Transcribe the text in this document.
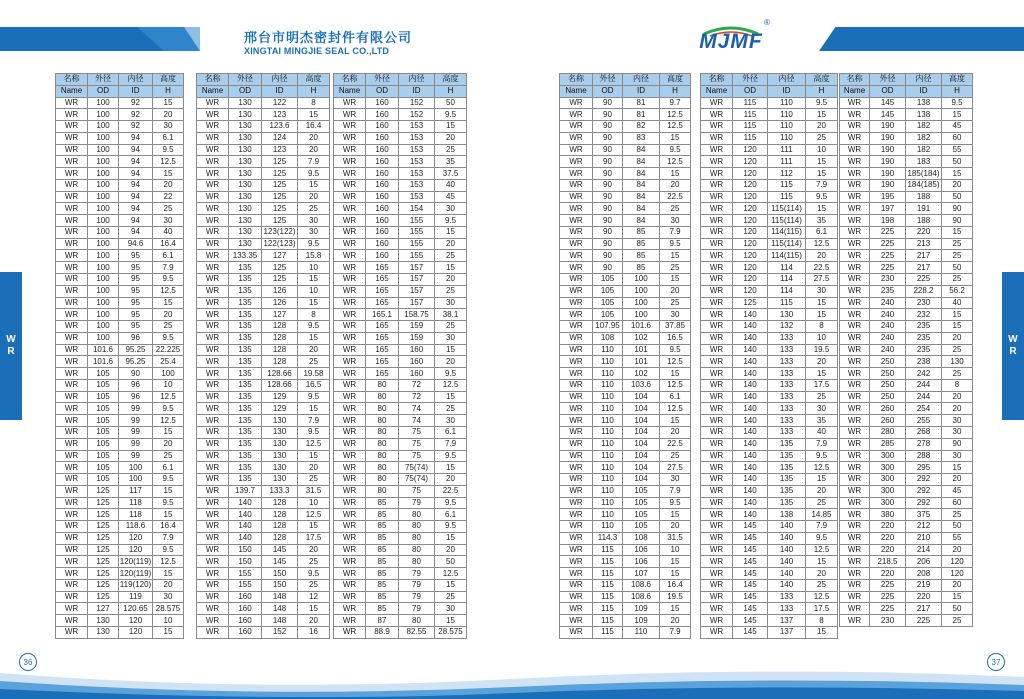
邢台市明杰密封件有限公司
XINGTAI MINGJIE SEAL CO.,LTD	MJMF
®
W
R
W
R
名称	外径	内径	高度
Name	OD	ID	H
WR	100	92	15
WR	100	92	20
WR	100	92	30
WR	100	94	6.1
WR	100	94	9.5
WR	100	94	12.5
WR	100	94	15
WR	100	94	20
WR	100	94	22
WR	100	94	25
WR	100	94	30
WR	100	94	40
WR	100	94.6	16.4
WR	100	95	6.1
WR	100	95	7.9
WR	100	95	9.5
WR	100	95	12.5
WR	100	95	15
WR	100	95	20
WR	100	95	25
WR	100	96	9.5
WR	101.6	95.25	22.225
WR	101.6	95.25	25.4
WR	105	90	100
WR	105	96	10
WR	105	96	12.5
WR	105	99	9.5
WR	105	99	12.5
WR	105	99	15
WR	105	99	20
WR	105	99	25
WR	105	100	6.1
WR	105	100	9.5
WR	125	117	15
WR	125	118	9.5
WR	125	118	15
WR	125	118.6	16.4
WR	125	120	7.9
WR	125	120	9.5
WR	125	120(119)	12.5
WR	125	120(119)	15
WR	125	119(120)	20
WR	125	119	30
WR	127	120.65	28.575
WR	130	120	10
WR	130	120	15
名称	外径	内径	高度
Name	OD	ID	H
WR	130	122	8
WR	130	123	15
WR	130	123.6	16.4
WR	130	124	20
WR	130	123	20
WR	130	125	7.9
WR	130	125	9.5
WR	130	125	15
WR	130	125	20
WR	130	125	25
WR	130	125	30
WR	130	123(122)	30
WR	130	122(123)	9.5
WR	133.35	127	15.8
WR	135	125	10
WR	135	125	15
WR	135	126	10
WR	135	126	15
WR	135	127	8
WR	135	128	9.5
WR	135	128	15
WR	135	128	20
WR	135	128	25
WR	135	128.66	19.58
WR	135	128.66	16.5
WR	135	129	9.5
WR	135	129	15
WR	135	130	7.9
WR	135	130	9.5
WR	135	130	12.5
WR	135	130	15
WR	135	130	20
WR	135	130	25
WR	139.7	133.3	31.5
WR	140	128	10
WR	140	128	12.5
WR	140	128	15
WR	140	128	17.5
WR	150	145	20
WR	150	145	25
WR	155	150	9.5
WR	155	150	25
WR	160	148	12
WR	160	148	15
WR	160	148	20
WR	160	152	16
名称	外径	内径	高度
Name	OD	ID	H
WR	160	152	50
WR	160	152	9.5
WR	160	153	15
WR	160	153	20
WR	160	153	25
WR	160	153	35
WR	160	153	37.5
WR	160	153	40
WR	160	153	45
WR	160	154	30
WR	160	155	9.5
WR	160	155	15
WR	160	155	20
WR	160	155	25
WR	165	157	15
WR	165	157	20
WR	165	157	25
WR	165	157	30
WR	165.1	158.75	38.1
WR	165	159	25
WR	165	159	30
WR	165	160	15
WR	165	160	20
WR	165	160	9.5
WR	80	72	12.5
WR	80	72	15
WR	80	74	25
WR	80	74	30
WR	80	75	6.1
WR	80	75	7.9
WR	80	75	9.5
WR	80	75(74)	15
WR	80	75(74)	20
WR	80	75	22.5
WR	85	79	9.5
WR	85	80	6.1
WR	85	80	9.5
WR	85	80	15
WR	85	80	20
WR	85	80	50
WR	85	79	12.5
WR	85	79	15
WR	85	79	25
WR	85	79	30
WR	87	80	15
WR	88.9	82.55	28.575
名称	外径	内径	高度
Name	OD	ID	H
WR	90	81	9.7
WR	90	81	12.5
WR	90	82	12.5
WR	90	83	15
WR	90	84	9.5
WR	90	84	12.5
WR	90	84	15
WR	90	84	20
WR	90	84	22.5
WR	90	84	25
WR	90	84	30
WR	90	85	7.9
WR	90	85	9.5
WR	90	85	15
WR	90	85	25
WR	105	100	15
WR	105	100	20
WR	105	100	25
WR	105	100	30
WR	107.95	101.6	37.85
WR	108	102	16.5
WR	110	101	9.5
WR	110	101	12.5
WR	110	102	15
WR	110	103.6	12.5
WR	110	104	6.1
WR	110	104	12.5
WR	110	104	15
WR	110	104	20
WR	110	104	22.5
WR	110	104	25
WR	110	104	27.5
WR	110	104	30
WR	110	105	7.9
WR	110	105	9.5
WR	110	105	15
WR	110	105	20
WR	114.3	108	31.5
WR	115	106	10
WR	115	106	15
WR	115	107	15
WR	115	108.6	16.4
WR	115	108.6	19.5
WR	115	109	15
WR	115	109	20
WR	115	110	7.9
名称	外径	内径	高度
Name	OD	ID	H
WR	115	110	9.5
WR	115	110	15
WR	115	110	20
WR	115	110	25
WR	120	111	10
WR	120	111	15
WR	120	112	15
WR	120	115	7.9
WR	120	115	9.5
WR	120	115(114)	15
WR	120	115(114)	35
WR	120	114(115)	6.1
WR	120	115(114)	12.5
WR	120	114(115)	20
WR	120	114	22.5
WR	120	114	27.5
WR	120	114	30
WR	125	115	15
WR	140	130	15
WR	140	132	8
WR	140	133	10
WR	140	133	19.5
WR	140	133	20
WR	140	133	15
WR	140	133	17.5
WR	140	133	25
WR	140	133	30
WR	140	133	35
WR	140	133	40
WR	140	135	7.9
WR	140	135	9.5
WR	140	135	12.5
WR	140	135	15
WR	140	135	20
WR	140	135	25
WR	140	138	14.85
WR	145	140	7.9
WR	145	140	9.5
WR	145	140	12.5
WR	145	140	15
WR	145	140	20
WR	145	140	25
WR	145	133	12.5
WR	145	133	17.5
WR	145	137	8
WR	145	137	15
名称	外径	内径	高度
Name	OD	ID	H
WR	145	138	9.5
WR	145	138	15
WR	190	182	45
WR	190	182	60
WR	190	182	55
WR	190	183	50
WR	190	185(184)	15
WR	190	184(185)	20
WR	195	188	50
WR	197	191	90
WR	198	188	90
WR	225	220	15
WR	225	213	25
WR	225	217	25
WR	225	217	50
WR	230	225	25
WR	235	228.2	56.2
WR	240	230	40
WR	240	232	15
WR	240	235	15
WR	240	235	20
WR	240	235	25
WR	250	238	130
WR	250	242	25
WR	250	244	8
WR	250	244	20
WR	260	254	20
WR	260	255	30
WR	280	268	30
WR	285	278	90
WR	300	288	30
WR	300	295	15
WR	300	292	20
WR	300	292	45
WR	300	292	60
WR	380	375	25
WR	220	212	50
WR	220	210	55
WR	220	214	20
WR	218.5	206	120
WR	220	208	120
WR	225	219	20
WR	225	220	15
WR	225	217	50
WR	230	225	25
36	37
